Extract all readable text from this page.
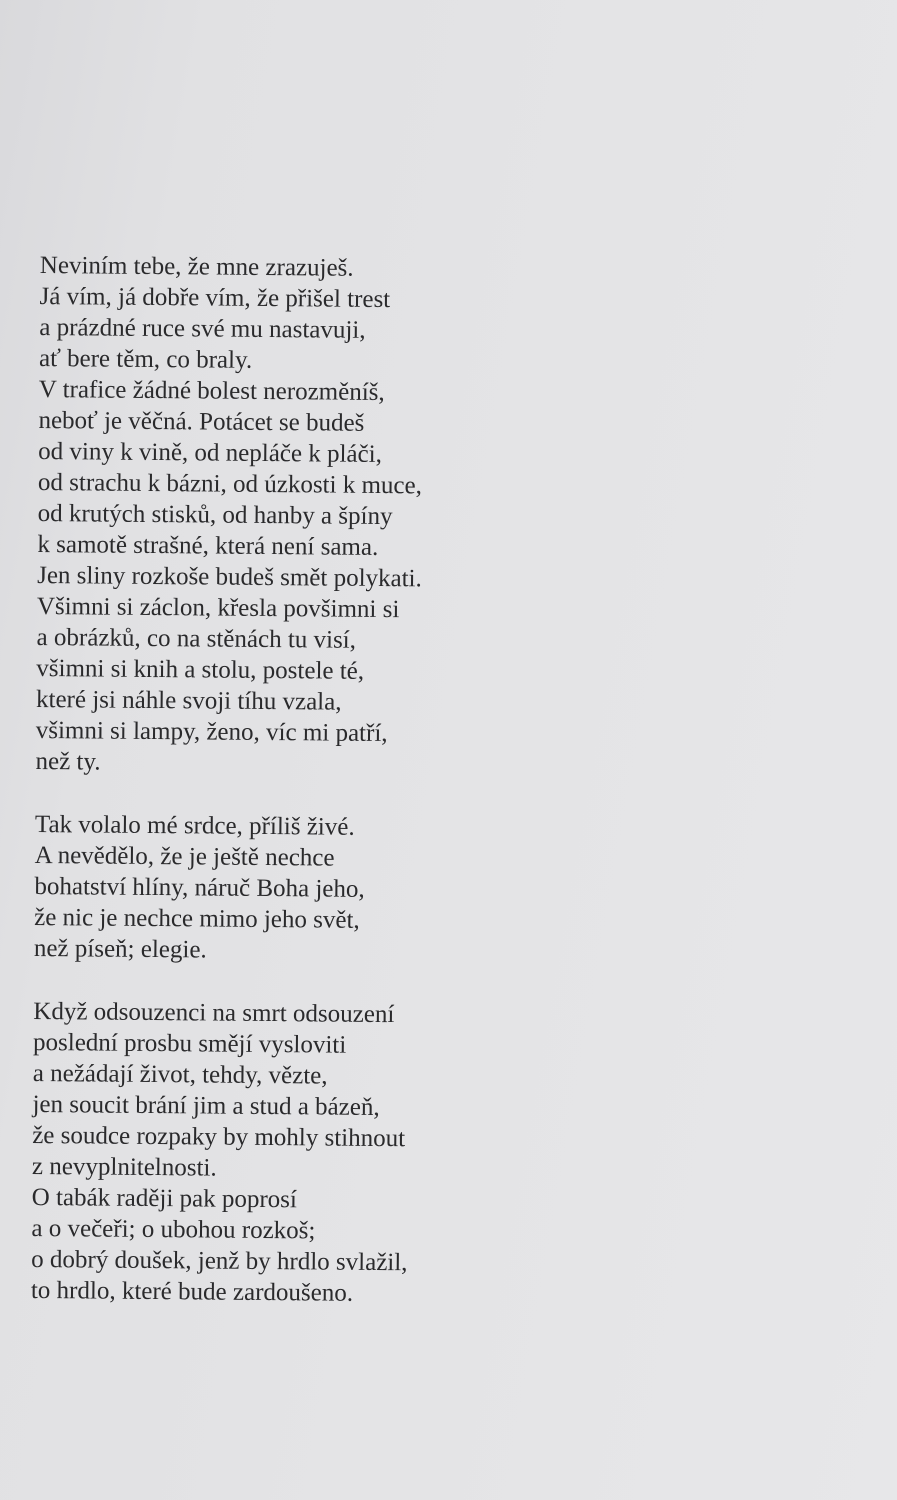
Neviním tebe, že mne zrazuješ.
Já vím, já dobře vím, že přišel trest
a prázdné ruce své mu nastavuji,
ať bere těm, co braly.
V trafice žádné bolest nerozměníš,
neboť je věčná. Potácet se budeš
od viny k vině, od nepláče k pláči,
od strachu k bázni, od úzkosti k muce,
od krutých stisků, od hanby a špíny
k samotě strašné, která není sama.
Jen sliny rozkoše budeš smět polykati.
Všimni si záclon, křesla povšimni si
a obrázků, co na stěnách tu visí,
všimni si knih a stolu, postele té,
které jsi náhle svoji tíhu vzala,
všimni si lampy, ženo, víc mi patří,
než ty.
Tak volalo mé srdce, příliš živé.
A nevědělo, že je ještě nechce
bohatství hlíny, náruč Boha jeho,
že nic je nechce mimo jeho svět,
než píseň; elegie.
Když odsouzenci na smrt odsouzení
poslední prosbu smějí vysloviti
a nežádají život, tehdy, vězte,
jen soucit brání jim a stud a bázeň,
že soudce rozpaky by mohly stihnout
z nevyplnitelnosti.
O tabák raději pak poprosí
a o večeři; o ubohou rozkoš;
o dobrý doušek, jenž by hrdlo svlažil,
to hrdlo, které bude zardoušeno.
